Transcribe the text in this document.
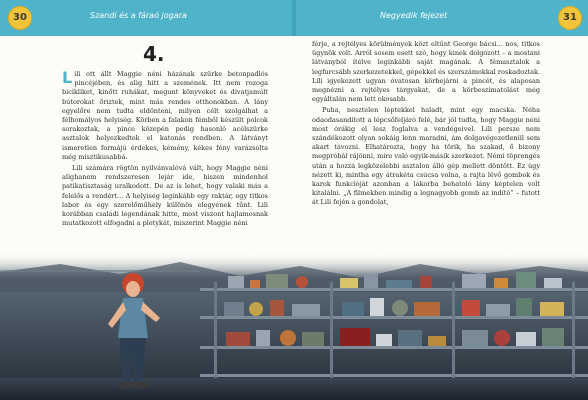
30	Szandi és a fáraó jogara	Negyedik fejezet	31
4.

Lili ott állt Maggie néni házának szürke betonpadlós pincéjében, és alig hitt a szemének. Itt nem rozoga bicikliket, kinőtt ruhákat, megunt könyveket és divatjamúlt bútorokat őriztek, mint más rendes otthonokban. A lány egyelőre nem tudta eldönteni, milyen célt szolgálhat a félhomályos helyiség. Körben a falakon fémből készült polcok sorakoztak, a pince közepén pedig hasonló acélszürke asztalok helyezkedtek el katonás rendben. A látványt ismeretlen formájú érdekes, kémény, kékes fény varázsolta még misztikusabbá.

Lili számára rögtön nyilvánvalóvá vált, hogy Maggie néni alighanem rendszeresen lejár ide, hiszen mindenhol patikatisztaság uralkodott. De az is lehet, hogy valaki más a felelős a rendért... A helyiség leginkább egy raktár, egy titkos labor és egy szerelőműhely különös elegyének tűnt. Lili korábban családi legendának hitte, most viszont hajlamosnak mutatkozott elfogadni a pletykát, miszerint Maggie néni

férje, a rejtélyes körülmények közt eltűnt George bácsi... nos, titkos ügynök volt. Arról sosem esett szó, hogy kinek dolgozott – a mostani látványból ítélve leginkább saját magának. A fémasztalok a legfurcsább szerkezetekkel, gépekkel és szerszámokkal roskadoztak. Lili igyekezett ugyan óvatosan körbejárni a pincét, és alaposan megnézni a rejtélyes tárgyakat, de a körbeszimatolást még egyáltalán nem lett okosabb.

Puha, nesztelen léptekkel haladt, mint egy macska. Néha odaodasandított a lépcsőfeljáró felé, bár jól tudta, hogy Maggie néni most órákig el lesz foglalva a vendégeivel. Lili persze nem szándékozott olyan sokáig lenn maradni, ám dolgavégezetlenül sem akart távozni. Elhatározta, hogy ha törik, ha szakad, ő bizony megpróbál rájönni, mire való egyik-másik szerkezet. Némi töprengés után a hozzá legközelebbi asztalon álló gép mellett döntött. Ez úgy nézett ki, mintha egy átrakéta csúcsa volna, a rajta lévő gombok és karok funkcióját azonban a lakorba behatoló lány képtelen volt kitalálni. „A filmekben mindig a legnagyobb gomb az indító” – futott át Lili fején a gondolat,
